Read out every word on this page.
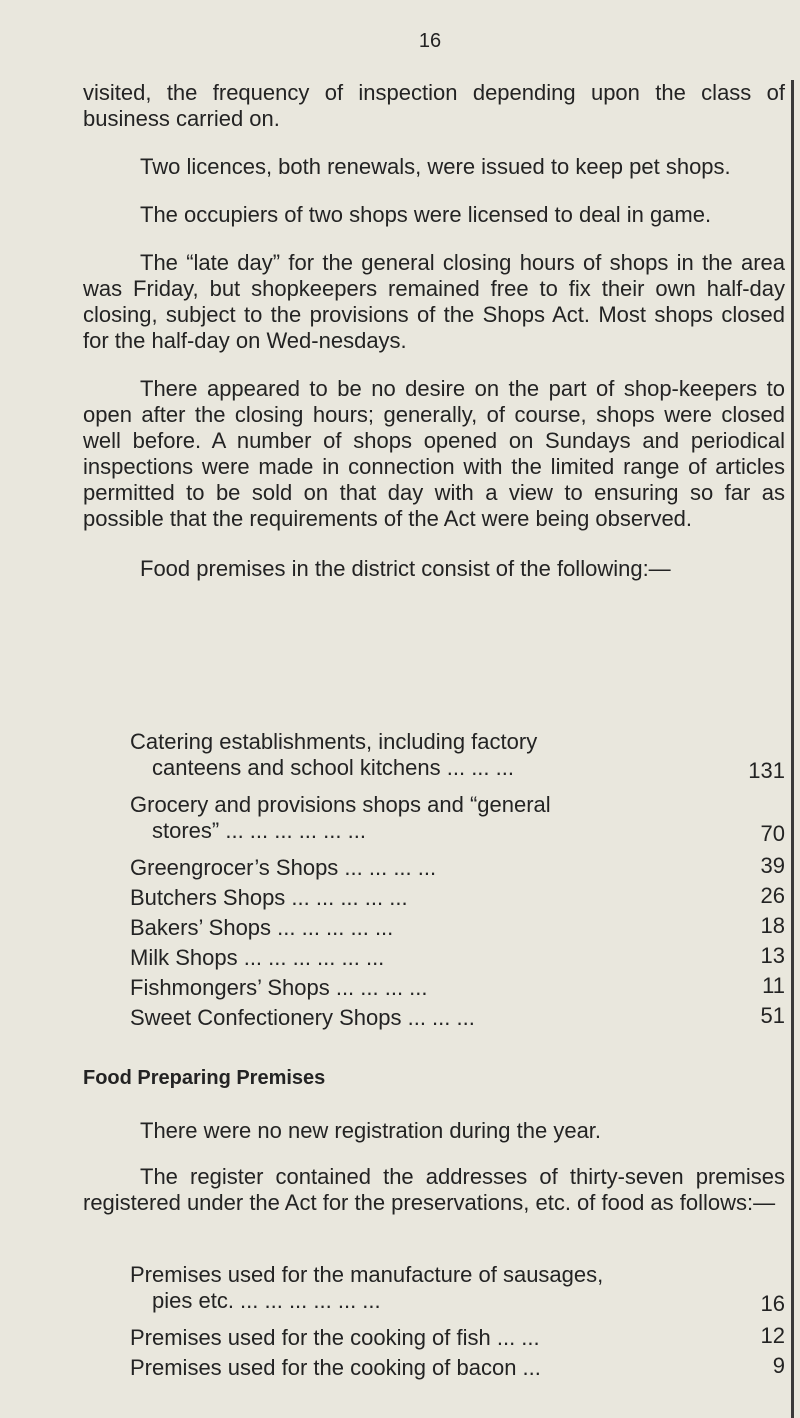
16

visited, the frequency of inspection depending upon the class of business carried on.

Two licences, both renewals, were issued to keep pet shops.

The occupiers of two shops were licensed to deal in game.

The “late day” for the general closing hours of shops in the area was Friday, but shopkeepers remained free to fix their own half-day closing, subject to the provisions of the Shops Act. Most shops closed for the half-day on Wed-nesdays.

There appeared to be no desire on the part of shop-keepers to open after the closing hours; generally, of course, shops were closed well before. A number of shops opened on Sundays and periodical inspections were made in connection with the limited range of articles permitted to be sold on that day with a view to ensuring so far as possible that the requirements of the Act were being observed.

Food premises in the district consist of the following:—

Catering establishments, including factory
canteens and school kitchens ... ... ...	131
Grocery and provisions shops and “general
stores” ... ... ... ... ... ...	70
Greengrocer’s Shops ... ... ... ...	39
Butchers Shops ... ... ... ... ...	26
Bakers’ Shops ... ... ... ... ...	18
Milk Shops ... ... ... ... ... ...	13
Fishmongers’ Shops ... ... ... ...	11
Sweet Confectionery Shops ... ... ...	51
Food Preparing Premises

There were no new registration during the year.

The register contained the addresses of thirty-seven premises registered under the Act for the preservations, etc. of food as follows:—

Premises used for the manufacture of sausages,
pies etc. ... ... ... ... ... ...	16
Premises used for the cooking of fish ... ...	12
Premises used for the cooking of bacon ...	9
